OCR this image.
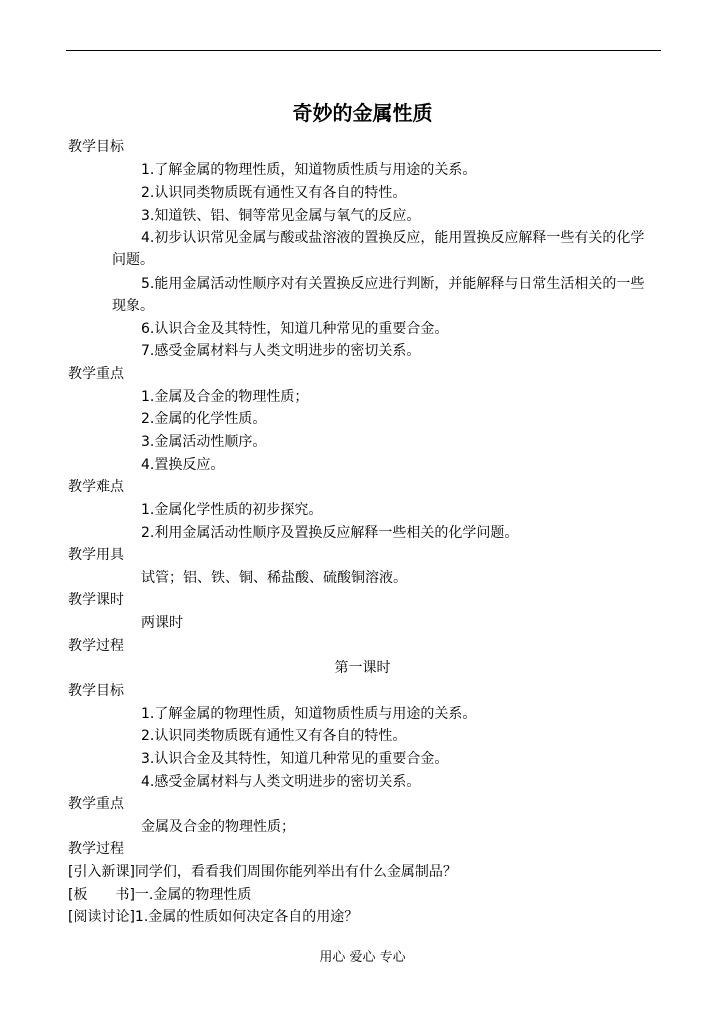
奇妙的金属性质
教学目标
1.了解金属的物理性质，知道物质性质与用途的关系。
2.认识同类物质既有通性又有各自的特性。
3.知道铁、铝、铜等常见金属与氧气的反应。
4.初步认识常见金属与酸或盐溶液的置换反应，能用置换反应解释一些有关的化学
问题。
5.能用金属活动性顺序对有关置换反应进行判断，并能解释与日常生活相关的一些
现象。
6.认识合金及其特性，知道几种常见的重要合金。
7.感受金属材料与人类文明进步的密切关系。
教学重点
1.金属及合金的物理性质；
2.金属的化学性质。
3.金属活动性顺序。
4.置换反应。
教学难点
1.金属化学性质的初步探究。
2.利用金属活动性顺序及置换反应解释一些相关的化学问题。
教学用具
试管；铝、铁、铜、稀盐酸、硫酸铜溶液。
教学课时
两课时
教学过程
第一课时
教学目标
1.了解金属的物理性质，知道物质性质与用途的关系。
2.认识同类物质既有通性又有各自的特性。
3.认识合金及其特性，知道几种常见的重要合金。
4.感受金属材料与人类文明进步的密切关系。
教学重点
金属及合金的物理性质；
教学过程
[引入新课]同学们，看看我们周围你能列举出有什么金属制品？
[板　　书]一.金属的物理性质
[阅读讨论]1.金属的性质如何决定各自的用途？
用心 爱心 专心
